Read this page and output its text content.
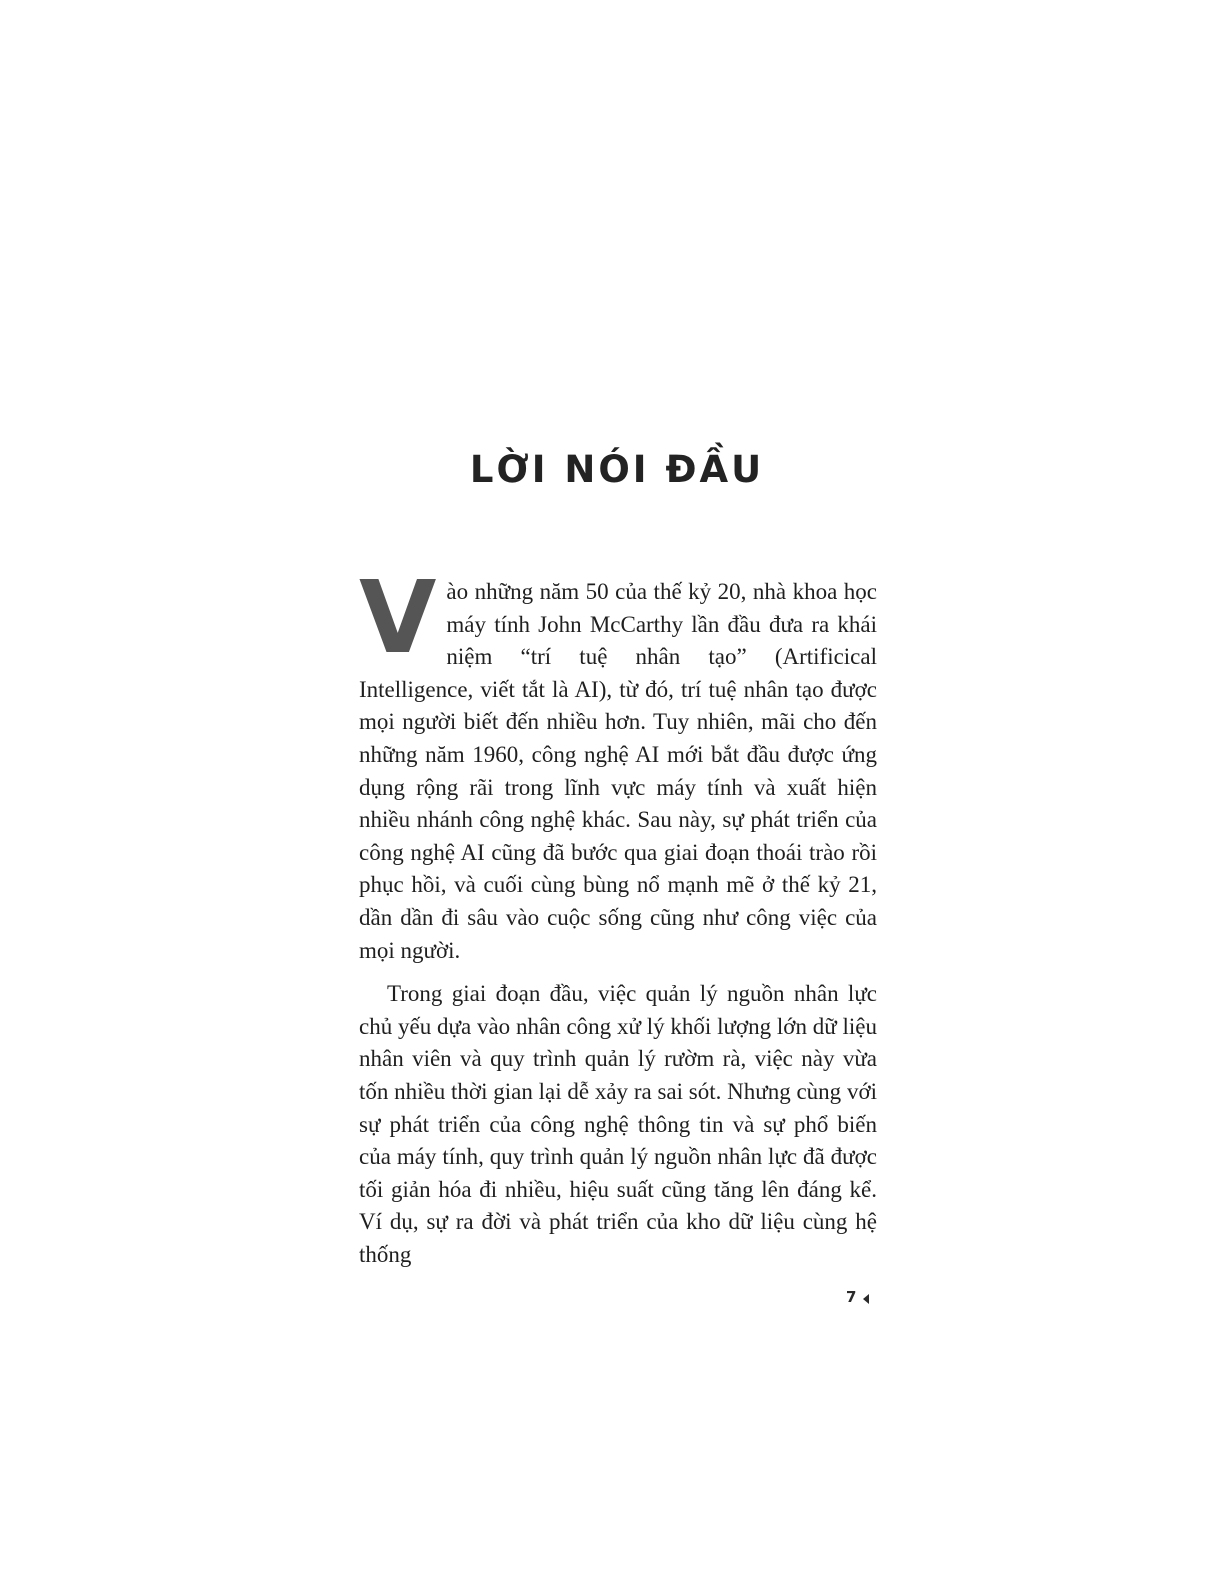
LỜI NÓI ĐẦU

Vào những năm 50 của thế kỷ 20, nhà khoa học máy tính John McCarthy lần đầu đưa ra khái niệm “trí tuệ nhân tạo” (Artificical Intelligence, viết tắt là AI), từ đó, trí tuệ nhân tạo được mọi người biết đến nhiều hơn. Tuy nhiên, mãi cho đến những năm 1960, công nghệ AI mới bắt đầu được ứng dụng rộng rãi trong lĩnh vực máy tính và xuất hiện nhiều nhánh công nghệ khác. Sau này, sự phát triển của công nghệ AI cũng đã bước qua giai đoạn thoái trào rồi phục hồi, và cuối cùng bùng nổ mạnh mẽ ở thế kỷ 21, dần dần đi sâu vào cuộc sống cũng như công việc của mọi người.

Trong giai đoạn đầu, việc quản lý nguồn nhân lực chủ yếu dựa vào nhân công xử lý khối lượng lớn dữ liệu nhân viên và quy trình quản lý rườm rà, việc này vừa tốn nhiều thời gian lại dễ xảy ra sai sót. Nhưng cùng với sự phát triển của công nghệ thông tin và sự phổ biến của máy tính, quy trình quản lý nguồn nhân lực đã được tối giản hóa đi nhiều, hiệu suất cũng tăng lên đáng kể. Ví dụ, sự ra đời và phát triển của kho dữ liệu cùng hệ thống

7
